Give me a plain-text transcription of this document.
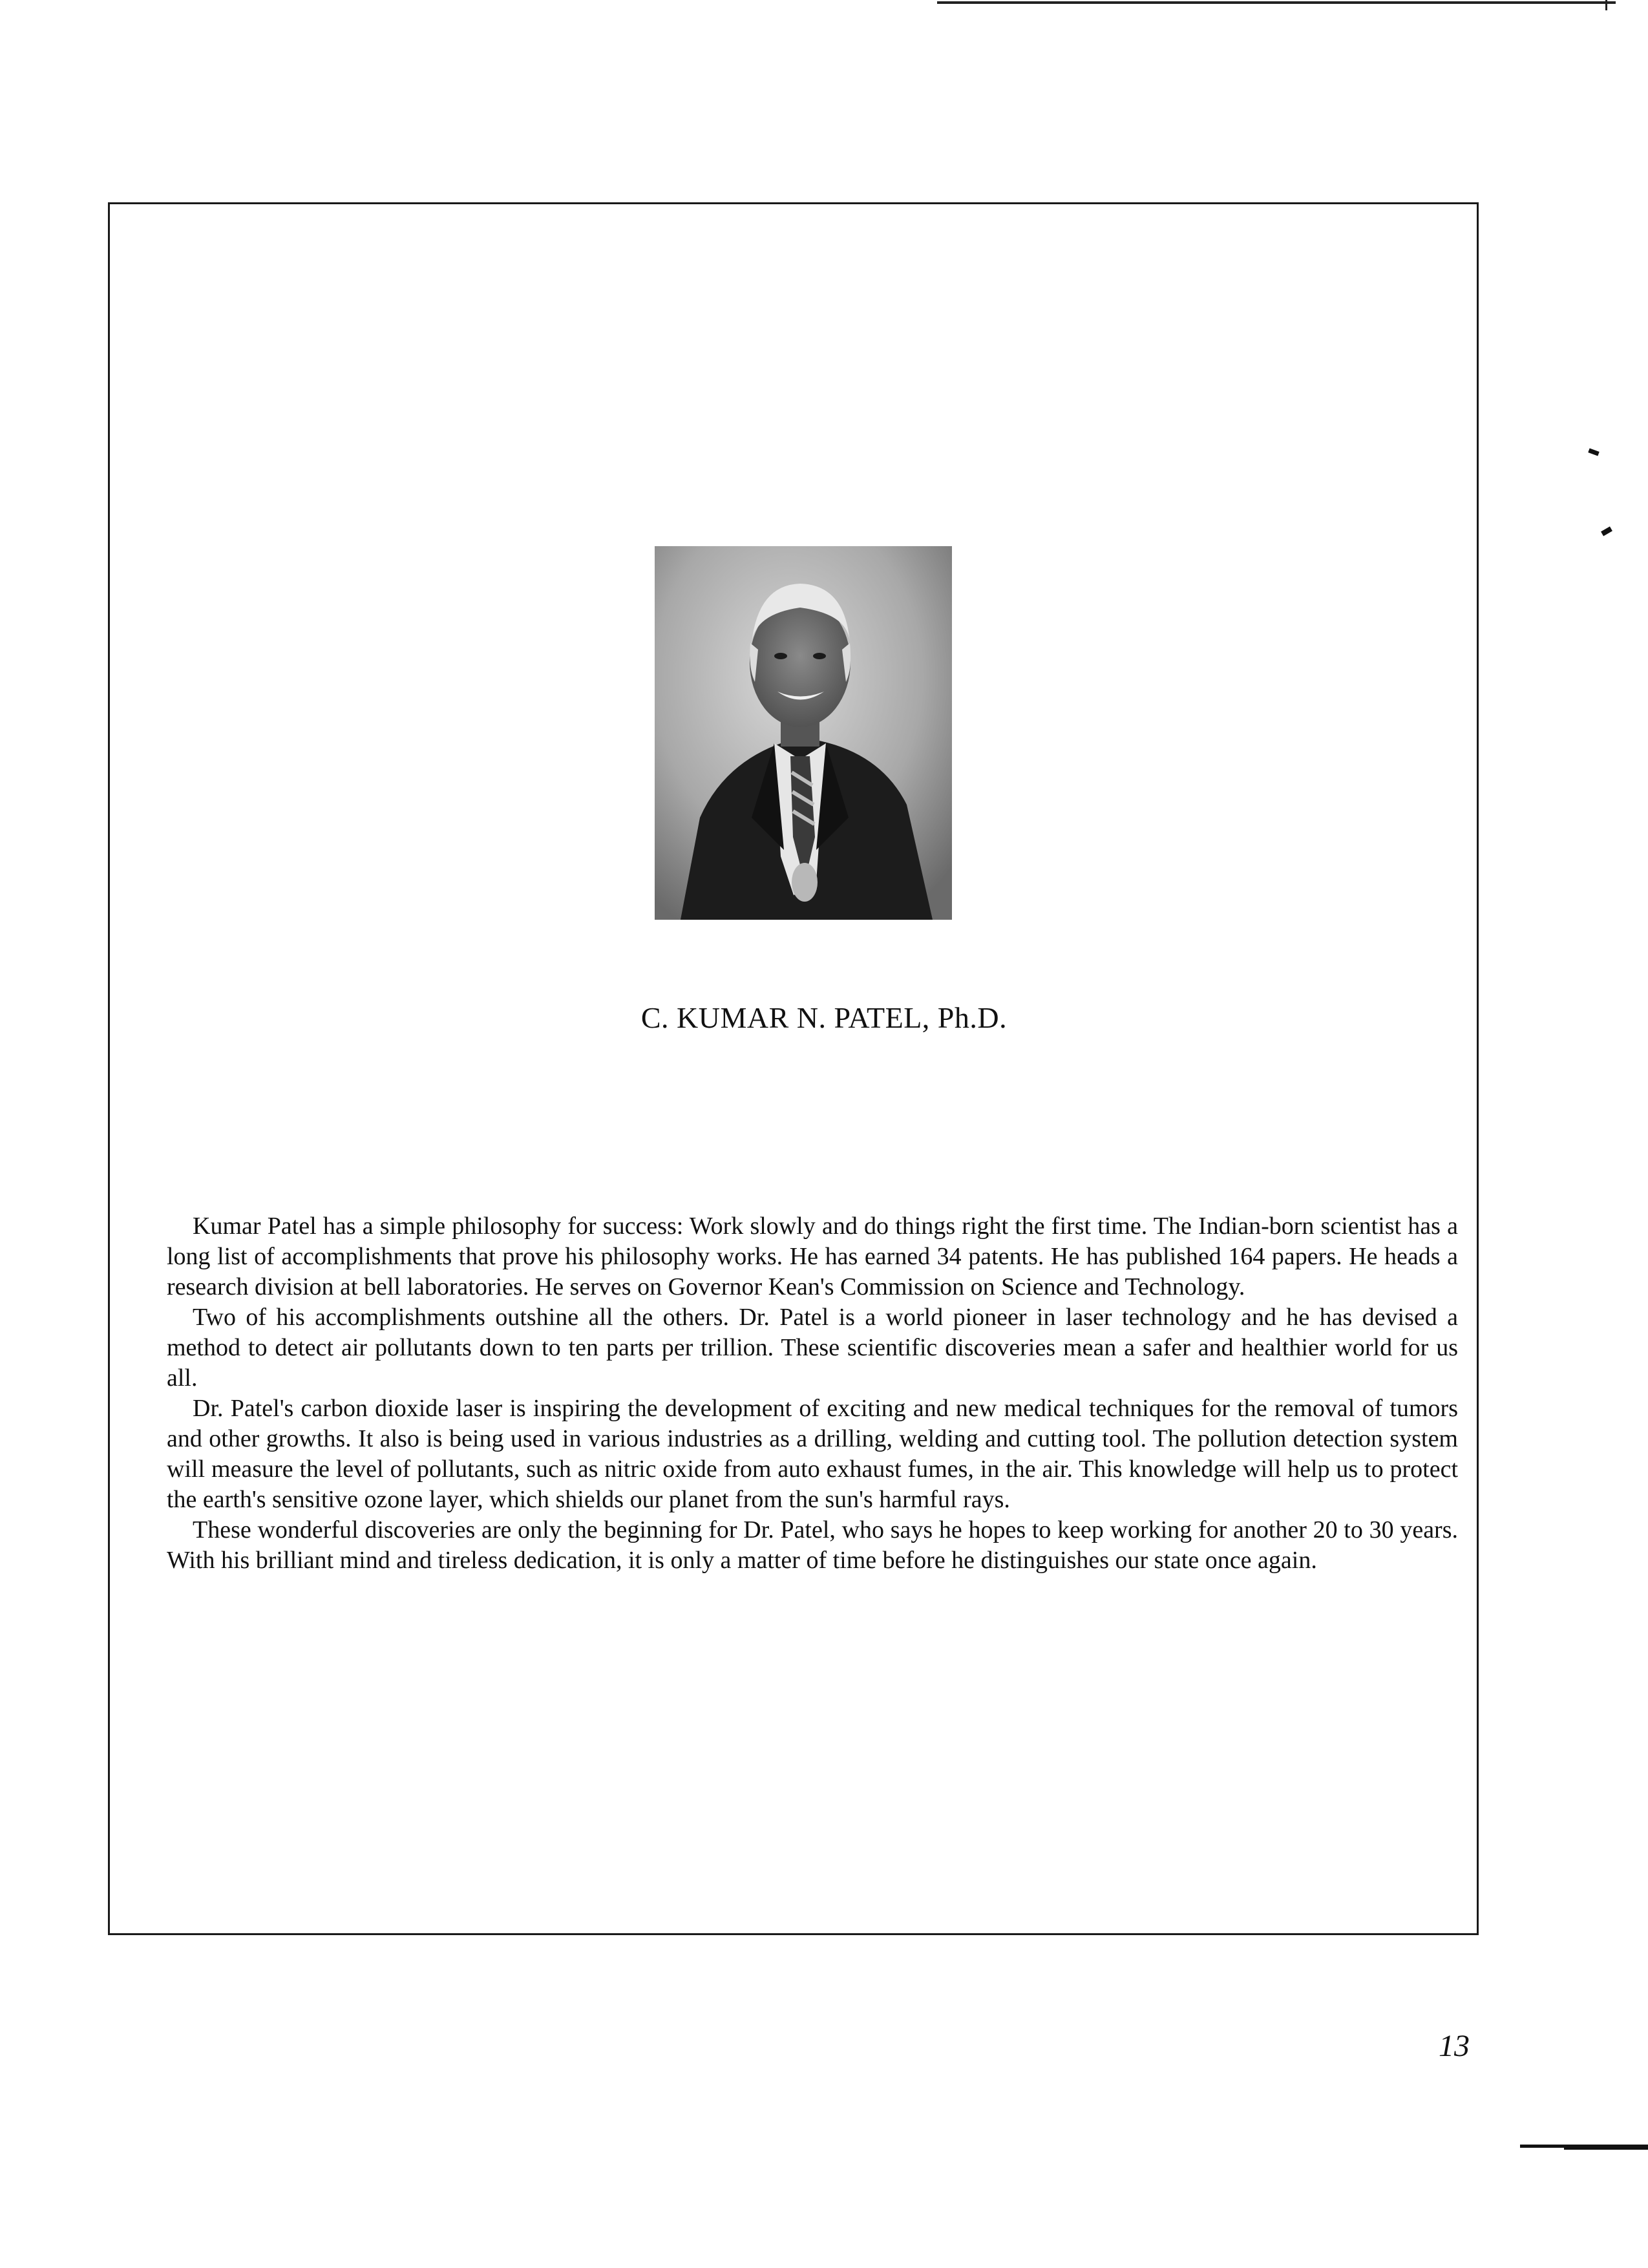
C. KUMAR N. PATEL, Ph.D.

Kumar Patel has a simple philosophy for success: Work slowly and do things right the first time. The Indian-born scientist has a long list of accomplishments that prove his philosophy works. He has earned 34 patents. He has published 164 papers. He heads a research division at bell laboratories. He serves on Governor Kean's Commission on Science and Technology.

Two of his accomplishments outshine all the others. Dr. Patel is a world pioneer in laser technology and he has devised a method to detect air pollutants down to ten parts per trillion. These scientific discoveries mean a safer and healthier world for us all.

Dr. Patel's carbon dioxide laser is inspiring the development of exciting and new medical techniques for the removal of tumors and other growths. It also is being used in various industries as a drilling, welding and cutting tool. The pollution detection system will measure the level of pollutants, such as nitric oxide from auto exhaust fumes, in the air. This knowledge will help us to protect the earth's sensitive ozone layer, which shields our planet from the sun's harmful rays.

These wonderful discoveries are only the beginning for Dr. Patel, who says he hopes to keep working for another 20 to 30 years. With his brilliant mind and tireless dedication, it is only a matter of time before he distinguishes our state once again.

13
